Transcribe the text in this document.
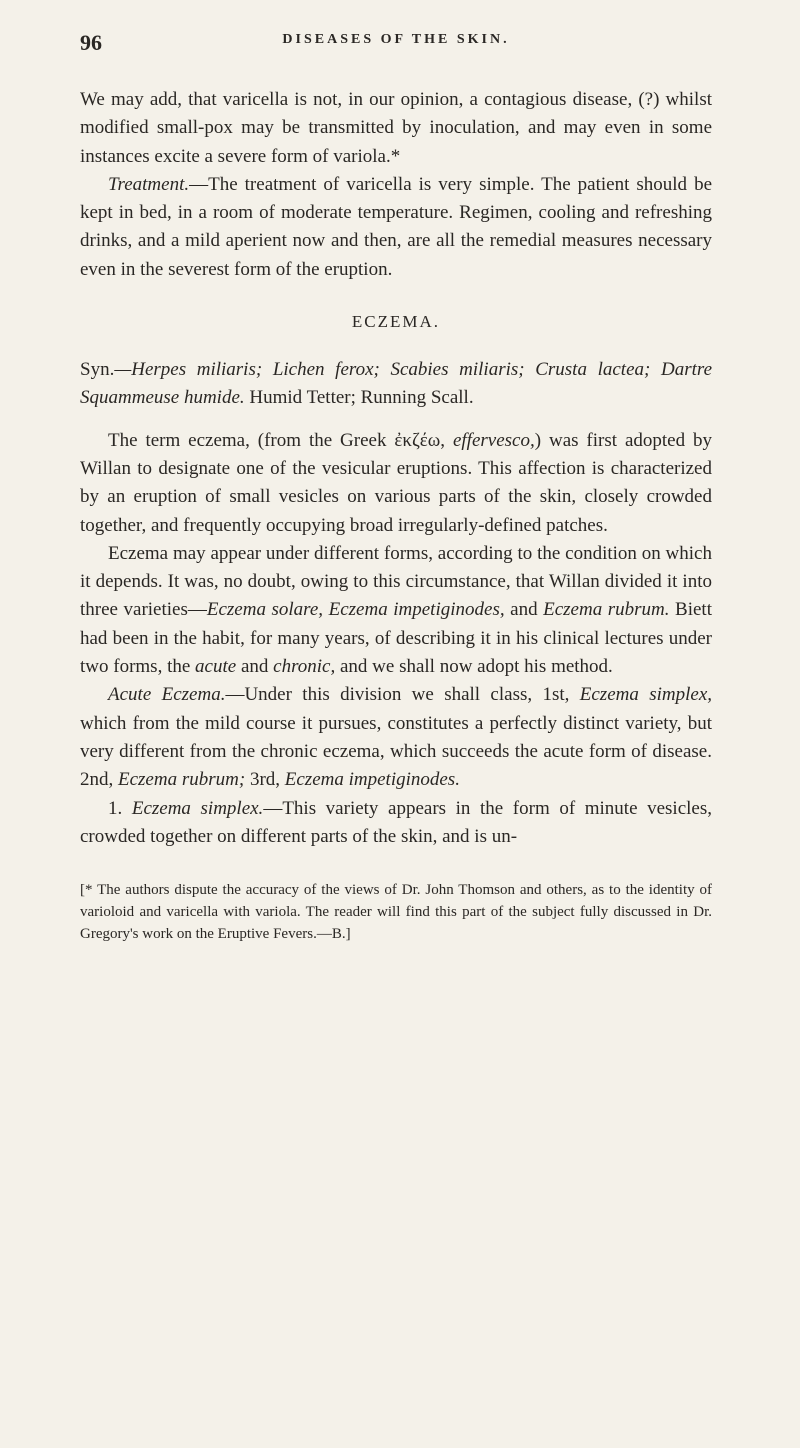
96	DISEASES OF THE SKIN.

We may add, that varicella is not, in our opinion, a contagious disease, (?) whilst modified small-pox may be transmitted by inoculation, and may even in some instances excite a severe form of variola.*

Treatment.—The treatment of varicella is very simple. The patient should be kept in bed, in a room of moderate temperature. Regimen, cooling and refreshing drinks, and a mild aperient now and then, are all the remedial measures necessary even in the severest form of the eruption.

ECZEMA.

Syn.—Herpes miliaris; Lichen ferox; Scabies miliaris; Crusta lactea; Dartre Squammeuse humide. Humid Tetter; Running Scall.

The term eczema, (from the Greek ἐκζέω, effervesco,) was first adopted by Willan to designate one of the vesicular eruptions. This affection is characterized by an eruption of small vesicles on various parts of the skin, closely crowded together, and frequently occupying broad irregularly-defined patches.

Eczema may appear under different forms, according to the condition on which it depends. It was, no doubt, owing to this circumstance, that Willan divided it into three varieties—Eczema solare, Eczema impetiginodes, and Eczema rubrum. Biett had been in the habit, for many years, of describing it in his clinical lectures under two forms, the acute and chronic, and we shall now adopt his method.

Acute Eczema.—Under this division we shall class, 1st, Eczema simplex, which from the mild course it pursues, constitutes a perfectly distinct variety, but very different from the chronic eczema, which succeeds the acute form of disease. 2nd, Eczema rubrum; 3rd, Eczema impetiginodes.

1. Eczema simplex.—This variety appears in the form of minute vesicles, crowded together on different parts of the skin, and is un-

[* The authors dispute the accuracy of the views of Dr. John Thomson and others, as to the identity of varioloid and varicella with variola. The reader will find this part of the subject fully discussed in Dr. Gregory's work on the Eruptive Fevers.—B.]
